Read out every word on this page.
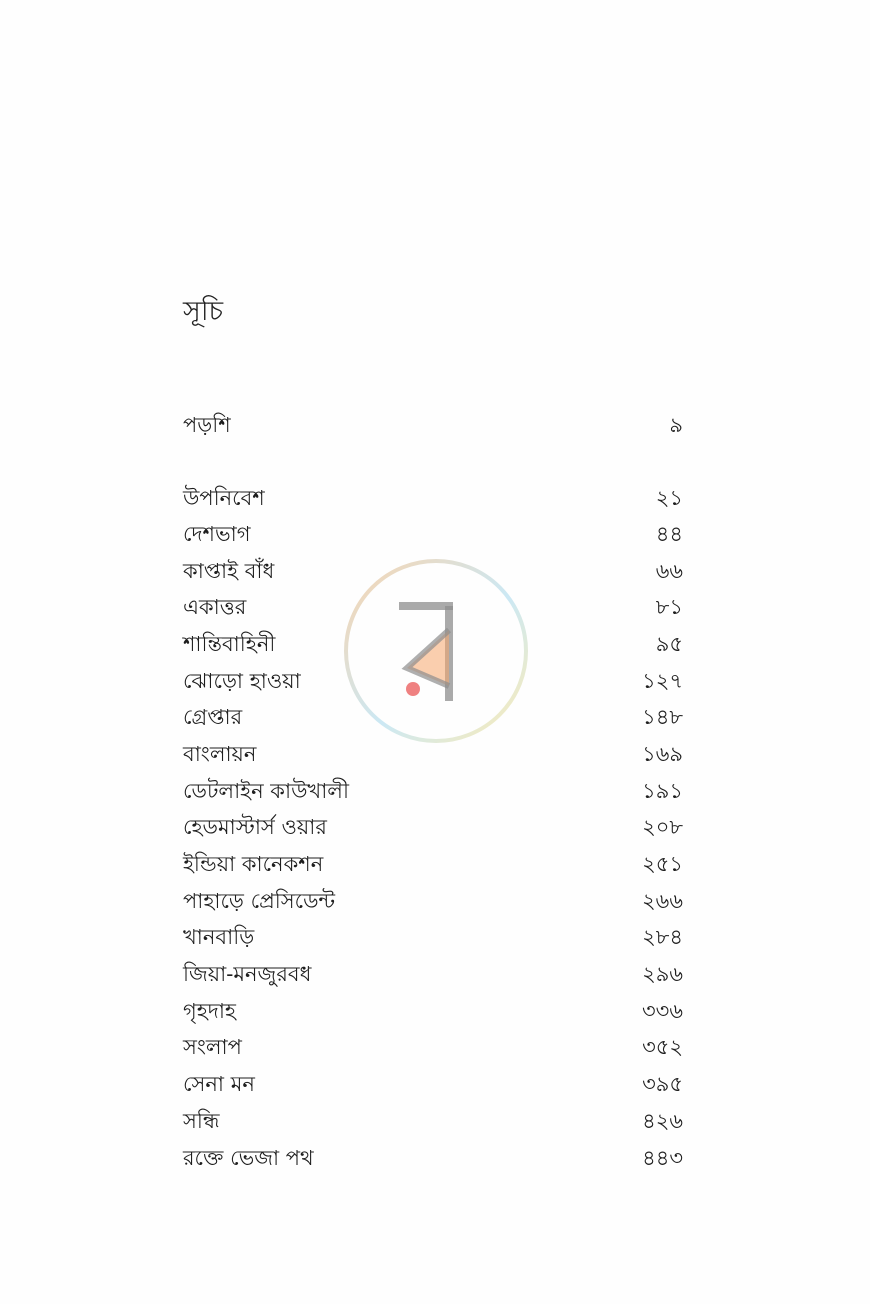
সূচি
পড়শি	৯
উপনিবেশ	২১
দেশভাগ	৪৪
কাপ্তাই বাঁধ	৬৬
একাত্তর	৮১
শান্তিবাহিনী	৯৫
ঝোড়ো হাওয়া	১২৭
গ্রেপ্তার	১৪৮
বাংলায়ন	১৬৯
ডেটলাইন কাউখালী	১৯১
হেডমাস্টার্স ওয়ার	২০৮
ইন্ডিয়া কানেকশন	২৫১
পাহাড়ে প্রেসিডেন্ট	২৬৬
খানবাড়ি	২৮৪
জিয়া-মনজুরবধ	২৯৬
গৃহদাহ	৩৩৬
সংলাপ	৩৫২
সেনা মন	৩৯৫
সন্ধি	৪২৬
রক্তে ভেজা পথ	৪৪৩
